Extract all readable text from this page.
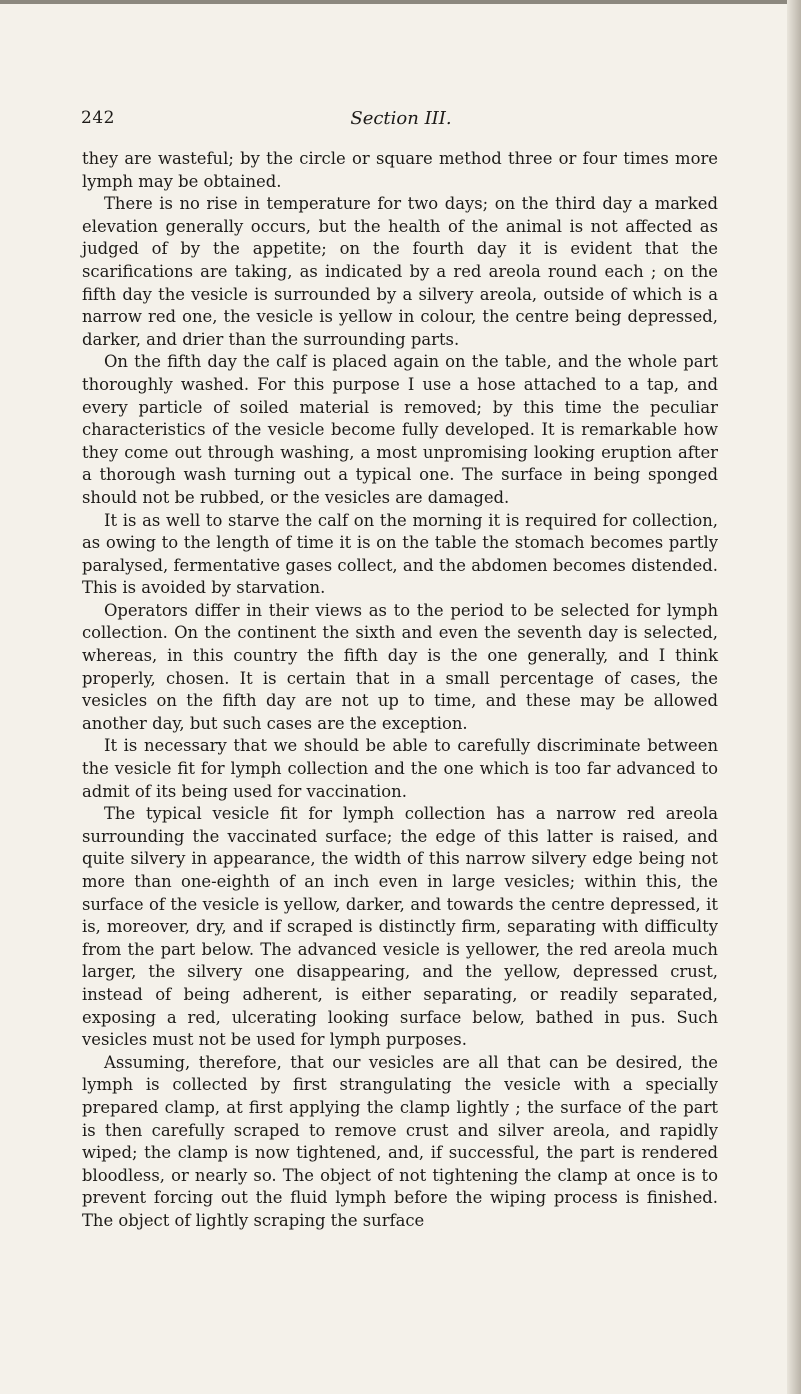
242	Section III.

they are wasteful; by the circle or square method three or four times more lymph may be obtained.

There is no rise in temperature for two days; on the third day a marked elevation generally occurs, but the health of the animal is not affected as judged of by the appetite; on the fourth day it is evident that the scarifications are taking, as indicated by a red areola round each ; on the fifth day the vesicle is surrounded by a silvery areola, outside of which is a narrow red one, the vesicle is yellow in colour, the centre being depressed, darker, and drier than the surrounding parts.

On the fifth day the calf is placed again on the table, and the whole part thoroughly washed. For this purpose I use a hose attached to a tap, and every particle of soiled material is removed; by this time the peculiar characteristics of the vesicle become fully developed. It is remarkable how they come out through washing, a most unpromising looking eruption after a thorough wash turning out a typical one. The surface in being sponged should not be rubbed, or the vesicles are damaged.

It is as well to starve the calf on the morning it is required for collection, as owing to the length of time it is on the table the stomach becomes partly paralysed, fermentative gases collect, and the abdomen becomes distended. This is avoided by starvation.

Operators differ in their views as to the period to be selected for lymph collection. On the continent the sixth and even the seventh day is selected, whereas, in this country the fifth day is the one generally, and I think properly, chosen. It is certain that in a small percentage of cases, the vesicles on the fifth day are not up to time, and these may be allowed another day, but such cases are the exception.

It is necessary that we should be able to carefully discriminate between the vesicle fit for lymph collection and the one which is too far advanced to admit of its being used for vaccination.

The typical vesicle fit for lymph collection has a narrow red areola surrounding the vaccinated surface; the edge of this latter is raised, and quite silvery in appearance, the width of this narrow silvery edge being not more than one-eighth of an inch even in large vesicles; within this, the surface of the vesicle is yellow, darker, and towards the centre depressed, it is, moreover, dry, and if scraped is distinctly firm, separating with difficulty from the part below. The advanced vesicle is yellower, the red areola much larger, the silvery one disappearing, and the yellow, depressed crust, instead of being adherent, is either separating, or readily separated, exposing a red, ulcerating looking surface below, bathed in pus. Such vesicles must not be used for lymph purposes.

Assuming, therefore, that our vesicles are all that can be desired, the lymph is collected by first strangulating the vesicle with a specially prepared clamp, at first applying the clamp lightly ; the surface of the part is then carefully scraped to remove crust and silver areola, and rapidly wiped; the clamp is now tightened, and, if successful, the part is rendered bloodless, or nearly so. The object of not tightening the clamp at once is to prevent forcing out the fluid lymph before the wiping process is finished. The object of lightly scraping the surface
